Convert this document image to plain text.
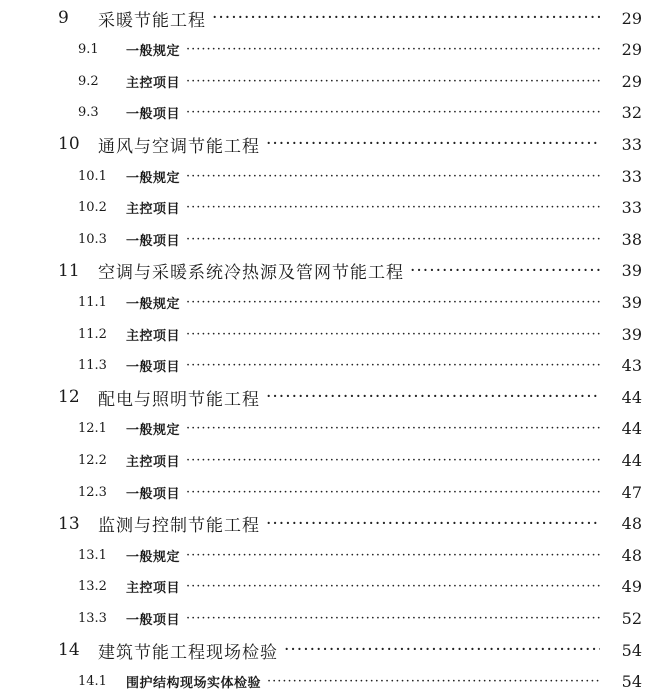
9	采暖节能工程 ·····	29
9.1	一般规定 ·····	29
9.2	主控项目 ·····	29
9.3	一般项目 ·····	32
10	通风与空调节能工程 ·····	33
10.1	一般规定 ·····	33
10.2	主控项目 ·····	33
10.3	一般项目 ·····	38
11	空调与采暖系统冷热源及管网节能工程 ·····	39
11.1	一般规定 ·····	39
11.2	主控项目 ·····	39
11.3	一般项目 ·····	43
12	配电与照明节能工程 ·····	44
12.1	一般规定 ·····	44
12.2	主控项目 ·····	44
12.3	一般项目 ·····	47
13	监测与控制节能工程 ·····	48
13.1	一般规定 ·····	48
13.2	主控项目 ·····	49
13.3	一般项目 ·····	52
14	建筑节能工程现场检验 ·····	54
14.1	围护结构现场实体检验 ·····	54
